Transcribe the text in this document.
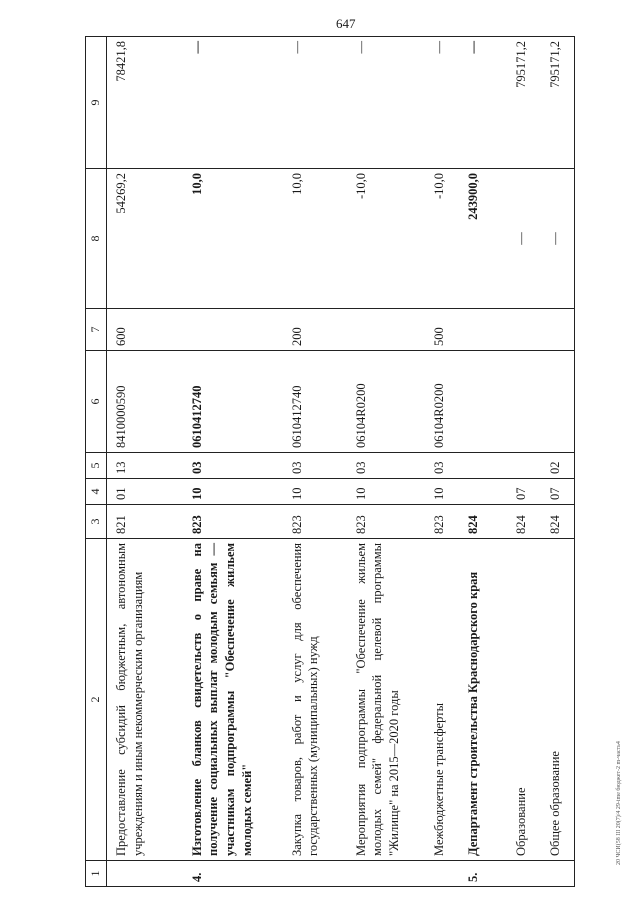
647
1	2	3	4	5	6	7	8	9
	Предоставление субсидий бюджетным, автономным учреждениям и иным некоммерческим организациям	821	01	13	8410000590	600	54269,2	78421,8
4.	Изготовление бланков свидетельств о праве на получение социальных выплат молодым семьям — участникам подпрограммы "Обеспечение жильем молодых семей"	823	10	03	0610412740		10,0	—
	Закупка товаров, работ и услуг для обеспечения государственных (муниципальных) нужд	823	10	03	0610412740	200	10,0	—
	Мероприятия подпрограммы "Обеспечение жильем молодых семей" федеральной целевой программы "Жилище" на 2015—2020 годы	823	10	03	06104R0200		-10,0	—
	Межбюджетные трансферты	823	10	03	06104R0200	500	-10,0	—
5.	Департамент строительства Краснодарского края	824					243900,0	—
	Образование	824	07				—	795171,2
	Общее образование	824	07	02			—	795171,2
20 ЧСИ(58 III 20(7)/4 29-ime бюджет-2 m-часть4
